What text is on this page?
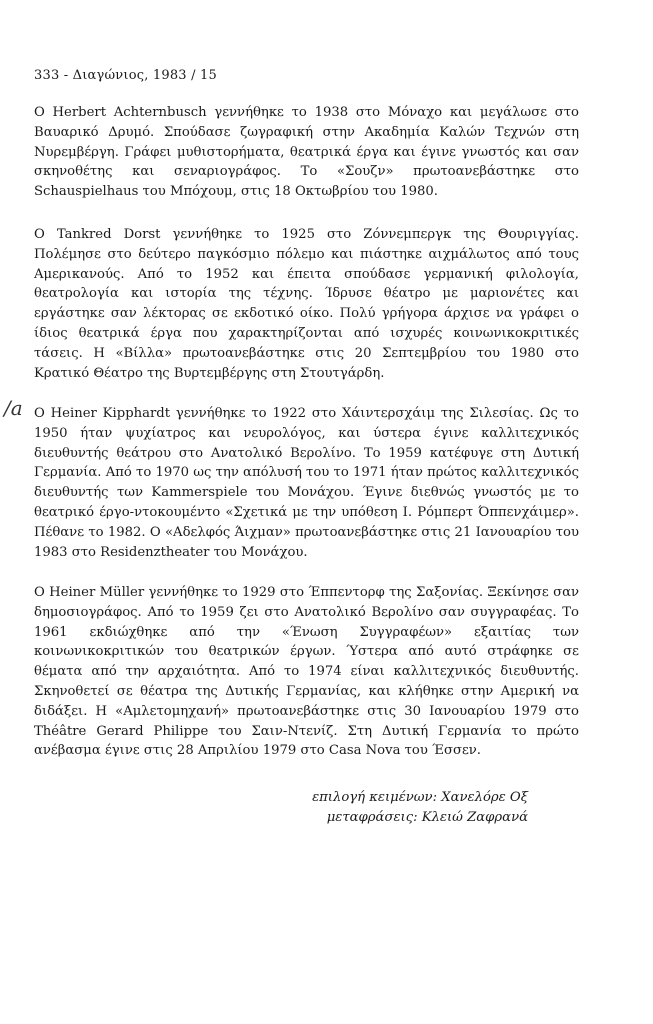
333 - Διαγώνιος, 1983 / 15
/a
Ο Herbert Achternbusch γεννήθηκε το 1938 στο Μόναχο και μεγάλωσε στο Βαυαρικό Δρυμό. Σπούδασε ζωγραφική στην Ακαδημία Καλών Τεχνών στη Νυρεμβέργη. Γράφει μυθιστορήματα, θεατρικά έργα και έγινε γνωστός και σαν σκηνοθέτης και σεναριογράφος. Το «Σουζν» πρωτοανεβάστηκε στο Schauspielhaus του Μπόχουμ, στις 18 Οκτωβρίου του 1980.
Ο Tankred Dorst γεννήθηκε το 1925 στο Ζόννεμπεργκ της Θουριγγίας. Πολέμησε στο δεύτερο παγκόσμιο πόλεμο και πιάστηκε αιχμάλωτος από τους Αμερικανούς. Από το 1952 και έπειτα σπούδασε γερμανική φιλολογία, θεατρολογία και ιστορία της τέχνης. Ίδρυσε θέατρο με μαριονέτες και εργάστηκε σαν λέκτορας σε εκδοτικό οίκο. Πολύ γρήγορα άρχισε να γράφει ο ίδιος θεατρικά έργα που χαρακτηρίζονται από ισχυρές κοινωνικοκριτικές τάσεις. Η «Βίλλα» πρωτοανεβάστηκε στις 20 Σεπτεμβρίου του 1980 στο Κρατικό Θέατρο της Βυρτεμβέργης στη Στουτγάρδη.
Ο Heiner Kipphardt γεννήθηκε το 1922 στο Χάιντερσχάιμ της Σιλεσίας. Ως το 1950 ήταν ψυχίατρος και νευρολόγος, και ύστερα έγινε καλλιτεχνικός διευθυντής θεάτρου στο Ανατολικό Βερολίνο. Το 1959 κατέφυγε στη Δυτική Γερμανία. Από το 1970 ως την απόλυσή του το 1971 ήταν πρώτος καλλιτεχνικός διευθυντής των Kammerspiele του Μονάχου. Έγινε διεθνώς γνωστός με το θεατρικό έργο-ντοκουμέντο «Σχετικά με την υπόθεση Ι. Ρόμπερτ Όππενχάιμερ». Πέθανε το 1982. Ο «Αδελφός Άιχμαν» πρωτοανεβάστηκε στις 21 Ιανουαρίου του 1983 στο Residenztheater του Μονάχου.
Ο Heiner Müller γεννήθηκε το 1929 στο Έππεντορφ της Σαξονίας. Ξεκίνησε σαν δημοσιογράφος. Από το 1959 ζει στο Ανατολικό Βερολίνο σαν συγγραφέας. Το 1961 εκδιώχθηκε από την «Ένωση Συγγραφέων» εξαιτίας των κοινωνικοκριτικών του θεατρικών έργων. Ύστερα από αυτό στράφηκε σε θέματα από την αρχαιότητα. Από το 1974 είναι καλλιτεχνικός διευθυντής. Σκηνοθετεί σε θέατρα της Δυτικής Γερμανίας, και κλήθηκε στην Αμερική να διδάξει. Η «Αμλετομηχανή» πρωτοανεβάστηκε στις 30 Ιανουαρίου 1979 στο Théâtre Gerard Philippe του Σαιν-Ντενίζ. Στη Δυτική Γερμανία το πρώτο ανέβασμα έγινε στις 28 Απριλίου 1979 στο Casa Nova του Έσσεν.
επιλογή κειμένων: Χανελόρε Οξ
μεταφράσεις: Κλειώ Ζαφρανά
